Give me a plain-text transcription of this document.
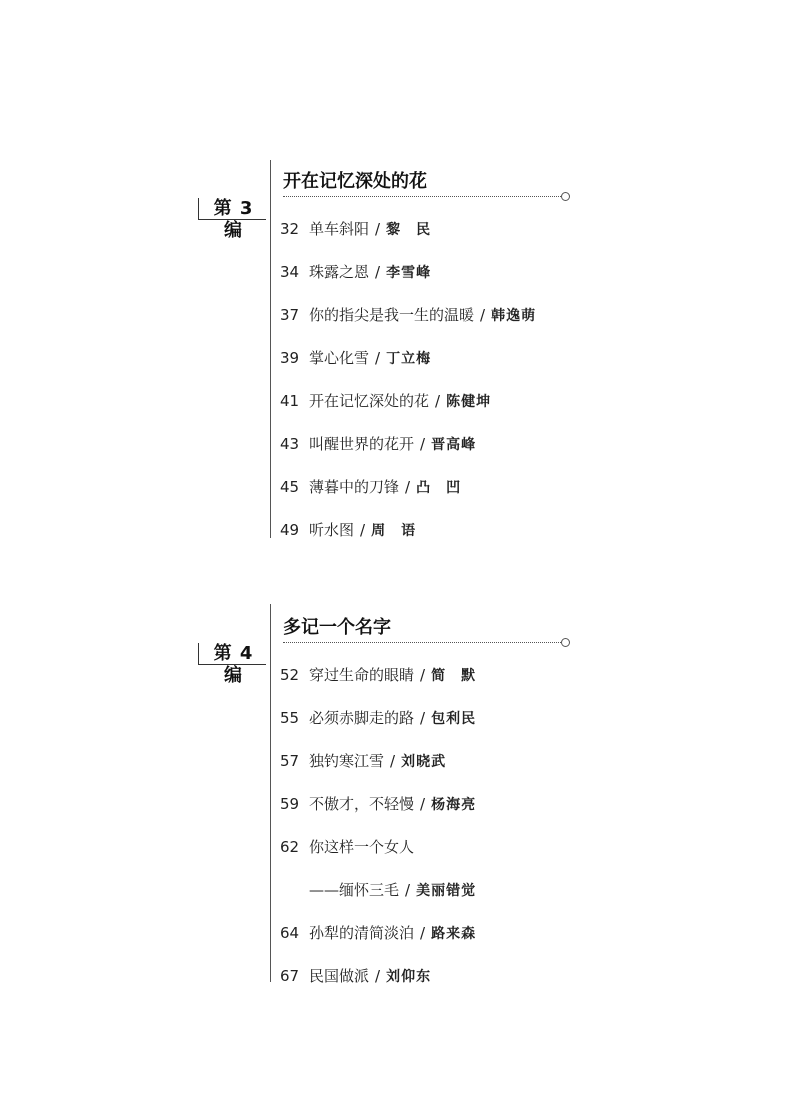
第 3 编
开在记忆深处的花
32 单车斜阳 / 黎　民
34 珠露之恩 / 李雪峰
37 你的指尖是我一生的温暖 / 韩逸萌
39 掌心化雪 / 丁立梅
41 开在记忆深处的花 / 陈健坤
43 叫醒世界的花开 / 晋高峰
45 薄暮中的刀锋 / 凸　凹
49 听水图 / 周　语
第 4 编
多记一个名字
52 穿过生命的眼睛 / 简　默
55 必须赤脚走的路 / 包利民
57 独钓寒江雪 / 刘晓武
59 不傲才，不轻慢 / 杨海亮
62 你这样一个女人
——缅怀三毛 / 美丽错觉
64 孙犁的清简淡泊 / 路来森
67 民国做派 / 刘仰东
